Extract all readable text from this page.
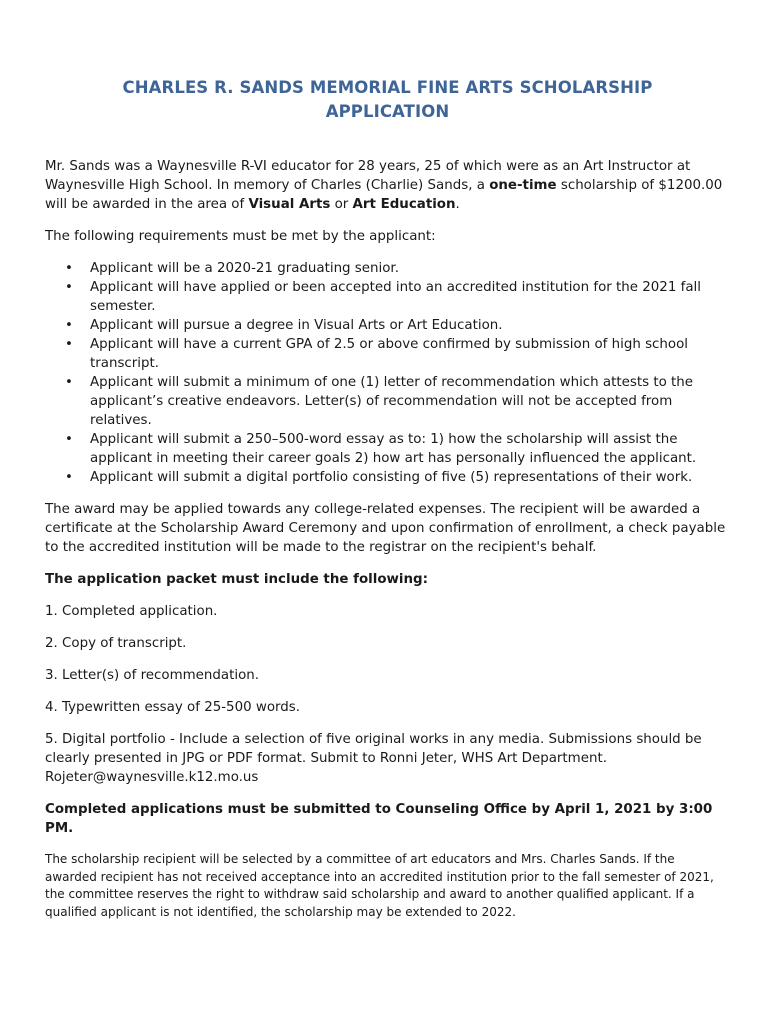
CHARLES R. SANDS MEMORIAL FINE ARTS SCHOLARSHIP
APPLICATION

Mr. Sands was a Waynesville R-VI educator for 28 years, 25 of which were as an Art Instructor at Waynesville High School. In memory of Charles (Charlie) Sands, a one-time scholarship of $1200.00 will be awarded in the area of Visual Arts or Art Education.

The following requirements must be met by the applicant:

• Applicant will be a 2020-21 graduating senior.
• Applicant will have applied or been accepted into an accredited institution for the 2021 fall semester.
• Applicant will pursue a degree in Visual Arts or Art Education.
• Applicant will have a current GPA of 2.5 or above confirmed by submission of high school transcript.
• Applicant will submit a minimum of one (1) letter of recommendation which attests to the applicant’s creative endeavors. Letter(s) of recommendation will not be accepted from relatives.
• Applicant will submit a 250–500-word essay as to: 1) how the scholarship will assist the applicant in meeting their career goals 2) how art has personally influenced the applicant.
• Applicant will submit a digital portfolio consisting of five (5) representations of their work.

The award may be applied towards any college-related expenses. The recipient will be awarded a certificate at the Scholarship Award Ceremony and upon confirmation of enrollment, a check payable to the accredited institution will be made to the registrar on the recipient's behalf.

The application packet must include the following:

1. Completed application.

2. Copy of transcript.

3. Letter(s) of recommendation.

4. Typewritten essay of 25-500 words.

5. Digital portfolio - Include a selection of five original works in any media. Submissions should be clearly presented in JPG or PDF format. Submit to Ronni Jeter, WHS Art Department.
Rojeter@waynesville.k12.mo.us

Completed applications must be submitted to Counseling Office by April 1, 2021 by 3:00 PM.

The scholarship recipient will be selected by a committee of art educators and Mrs. Charles Sands. If the awarded recipient has not received acceptance into an accredited institution prior to the fall semester of 2021, the committee reserves the right to withdraw said scholarship and award to another qualified applicant. If a qualified applicant is not identified, the scholarship may be extended to 2022.
